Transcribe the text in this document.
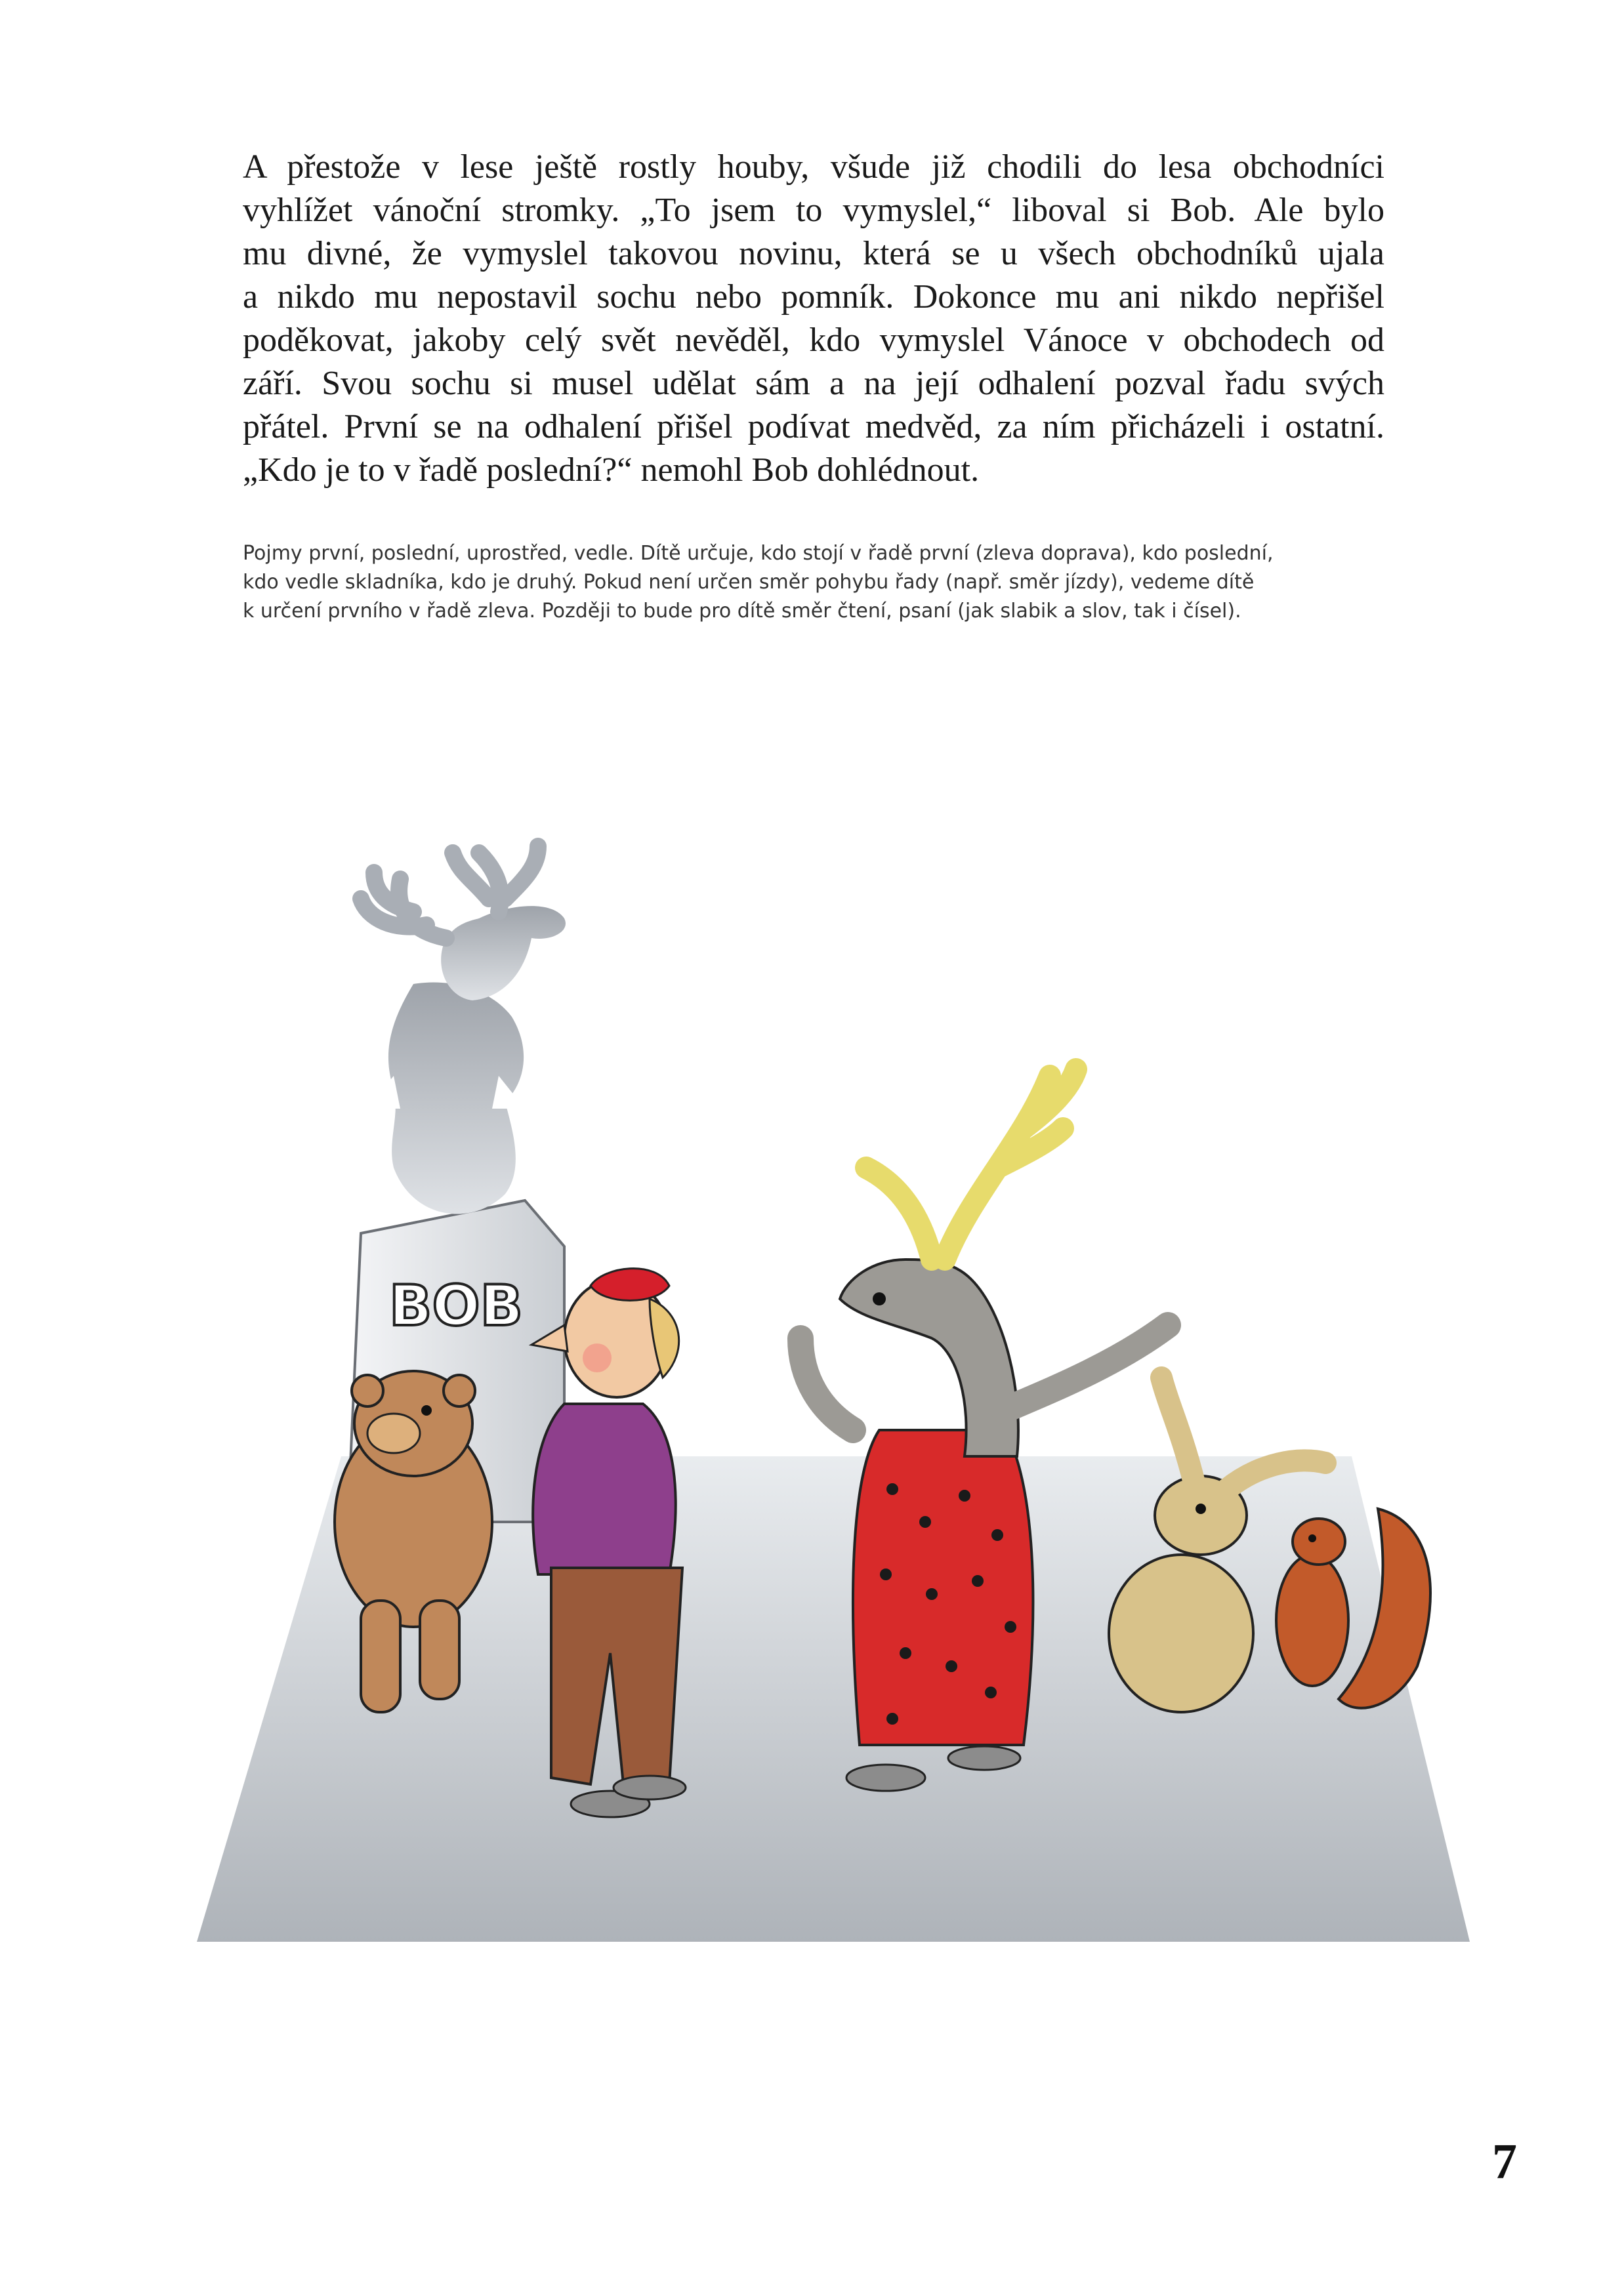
A přestože v lese ještě rostly houby, všude již chodili do lesa obchodníci
vyhlížet vánoční stromky. „To jsem to vymyslel,“ liboval si Bob. Ale bylo
mu divné, že vymyslel takovou novinu, která se u všech obchodníků ujala
a nikdo mu nepostavil sochu nebo pomník. Dokonce mu ani nikdo nepřišel
poděkovat, jakoby celý svět nevěděl, kdo vymyslel Vánoce v obchodech od
září. Svou sochu si musel udělat sám a na její odhalení pozval řadu svých
přátel. První se na odhalení přišel podívat medvěd, za ním přicházeli i ostatní.
„Kdo je to v řadě poslední?“ nemohl Bob dohlédnout.
Pojmy první, poslední, uprostřed, vedle. Dítě určuje, kdo stojí v řadě první (zleva doprava), kdo poslední,
kdo vedle skladníka, kdo je druhý. Pokud není určen směr pohybu řady (např. směr jízdy), vedeme dítě
k určení prvního v řadě zleva. Později to bude pro dítě směr čtení, psaní (jak slabik a slov, tak i čísel).
BOB
7
